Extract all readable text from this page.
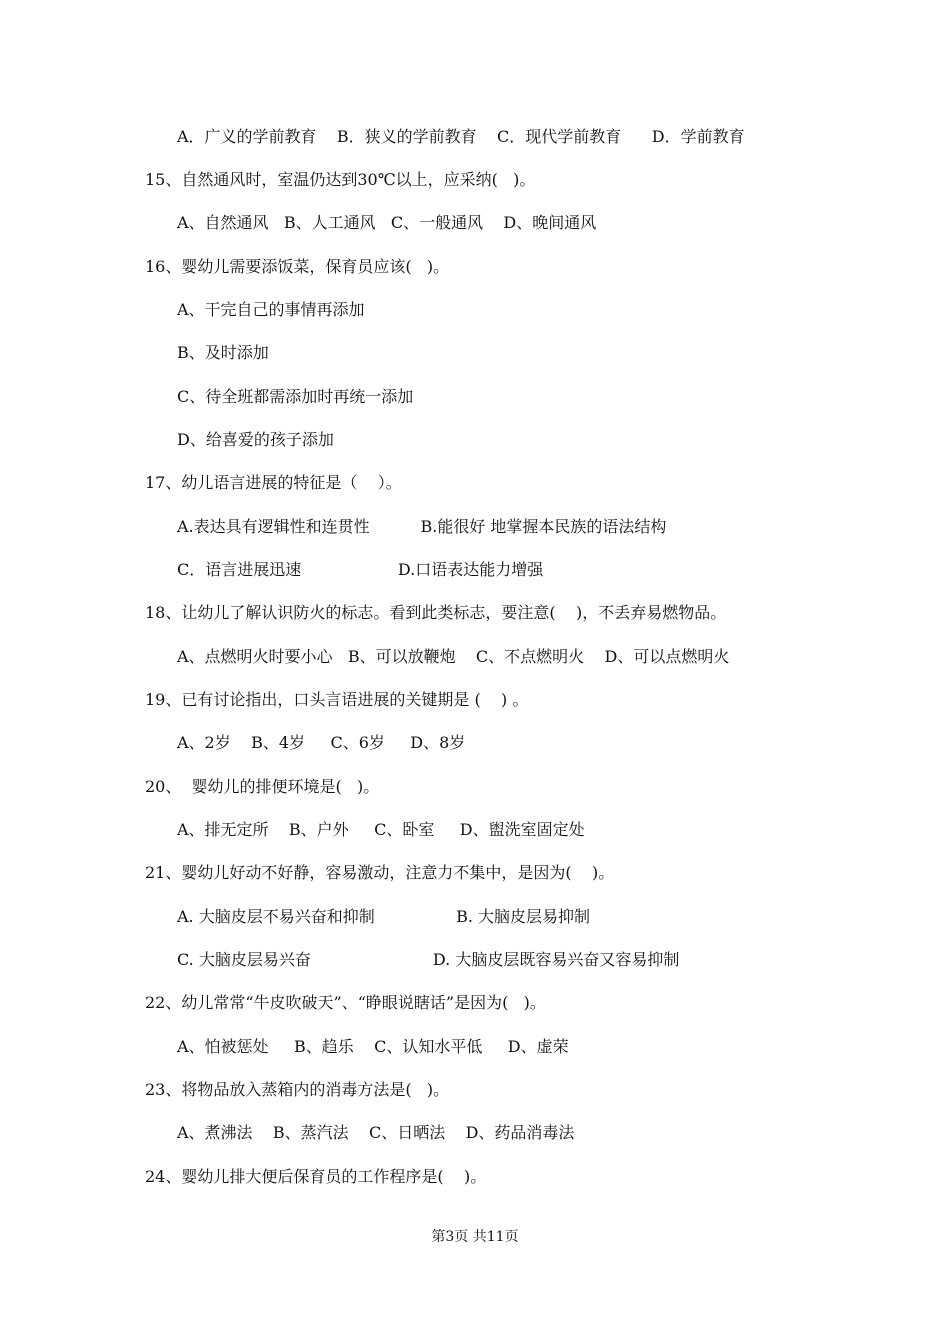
A．广义的学前教育    B．狭义的学前教育    C．现代学前教育      D．学前教育
15、自然通风时，室温仍达到30℃以上，应采纳(   )。
A、自然通风   B、人工通风   C、一般通风    D、晚间通风
16、婴幼儿需要添饭菜，保育员应该(   )。
A、干完自己的事情再添加
B、及时添加
C、待全班都需添加时再统一添加
D、给喜爱的孩子添加
17、幼儿语言进展的特征是（    ）。
A.表达具有逻辑性和连贯性          B.能很好 地掌握本民族的语法结构
C．语言进展迅速                   D.口语表达能力增强
18、让幼儿了解认识防火的标志。看到此类标志，要注意(    )，不丢弃易燃物品。
A、点燃明火时要小心   B、可以放鞭炮    C、不点燃明火    D、可以点燃明火
19、已有讨论指出，口头言语进展的关键期是 (    ) 。
A、2岁    B、4岁     C、6岁     D、8岁
20、  婴幼儿的排便环境是(   )。
A、排无定所    B、户外     C、卧室     D、盥洗室固定处
21、婴幼儿好动不好静，容易激动，注意力不集中，是因为(    )。
A. 大脑皮层不易兴奋和抑制                B. 大脑皮层易抑制
C. 大脑皮层易兴奋                        D. 大脑皮层既容易兴奋又容易抑制
22、幼儿常常“牛皮吹破天”、“睁眼说瞎话”是因为(   )。
A、怕被惩处     B、趋乐    C、认知水平低     D、虚荣
23、将物品放入蒸箱内的消毒方法是(   )。
A、煮沸法    B、蒸汽法    C、日晒法    D、药品消毒法
24、婴幼儿排大便后保育员的工作程序是(    )。
第3页 共11页
